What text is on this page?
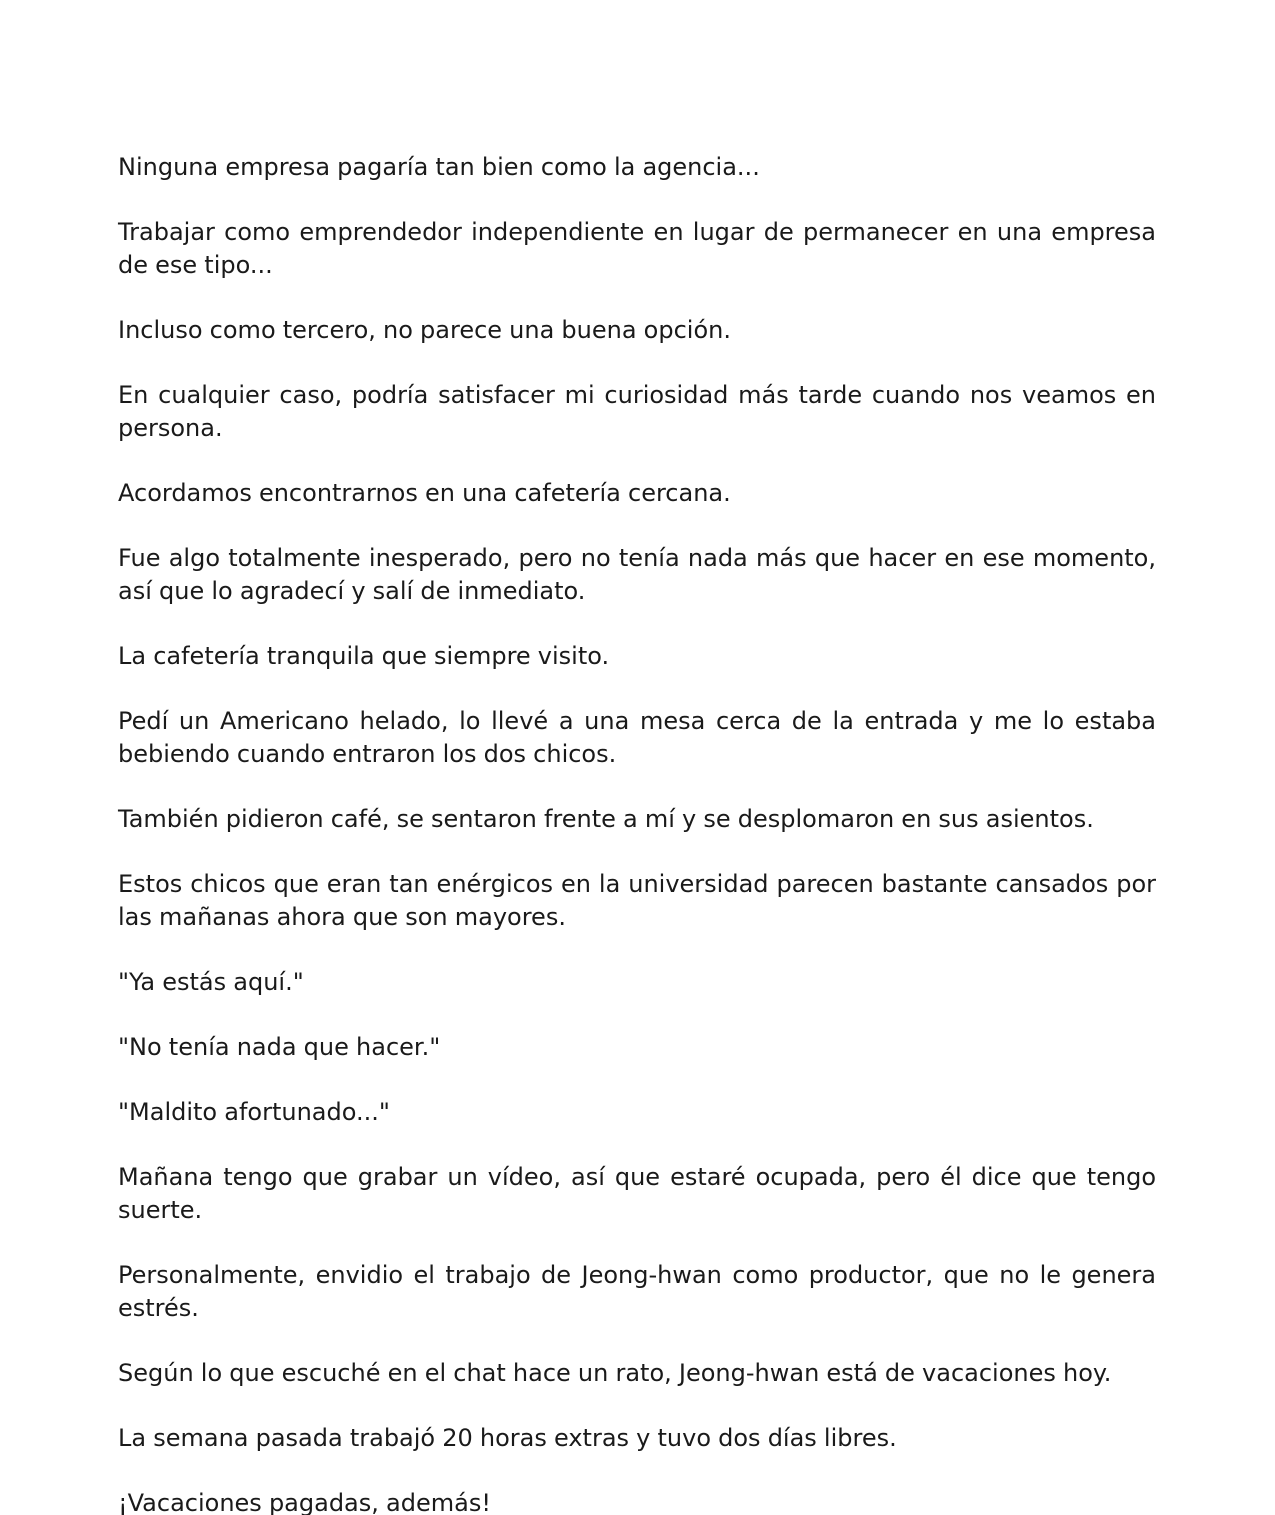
Ninguna empresa pagaría tan bien como la agencia...

Trabajar como emprendedor independiente en lugar de permanecer en una empresa de ese tipo...

Incluso como tercero, no parece una buena opción.

En cualquier caso, podría satisfacer mi curiosidad más tarde cuando nos veamos en persona.

Acordamos encontrarnos en una cafetería cercana.

Fue algo totalmente inesperado, pero no tenía nada más que hacer en ese momento, así que lo agradecí y salí de inmediato.

La cafetería tranquila que siempre visito.

Pedí un Americano helado, lo llevé a una mesa cerca de la entrada y me lo estaba bebiendo cuando entraron los dos chicos.

También pidieron café, se sentaron frente a mí y se desplomaron en sus asientos.

Estos chicos que eran tan enérgicos en la universidad parecen bastante cansados por las mañanas ahora que son mayores.

"Ya estás aquí."

"No tenía nada que hacer."

"Maldito afortunado..."

Mañana tengo que grabar un vídeo, así que estaré ocupada, pero él dice que tengo suerte.

Personalmente, envidio el trabajo de Jeong-hwan como productor, que no le genera estrés.

Según lo que escuché en el chat hace un rato, Jeong-hwan está de vacaciones hoy.

La semana pasada trabajó 20 horas extras y tuvo dos días libres.

¡Vacaciones pagadas, además!
